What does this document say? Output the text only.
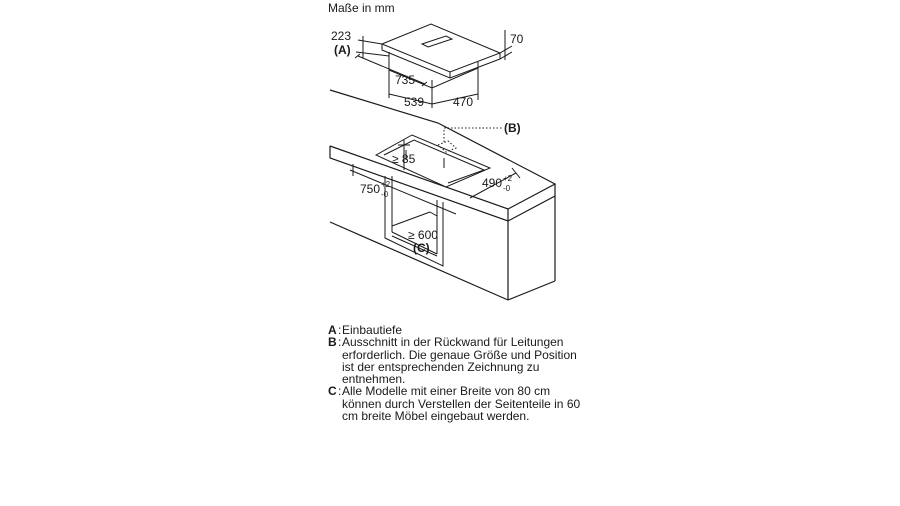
Maße in mm
223
(A)
70
735
539 470
(B)
≥ 85
750 +2
-0
490 +2
-0
≥ 600
(C)
A : Einbautiefe
B : Ausschnitt in der Rückwand für Leitungen erforderlich. Die genaue Größe und Position ist der entsprechenden Zeichnung zu entnehmen.
C : Alle Modelle mit einer Breite von 80 cm können durch Verstellen der Seitenteile in 60 cm breite Möbel eingebaut werden.
